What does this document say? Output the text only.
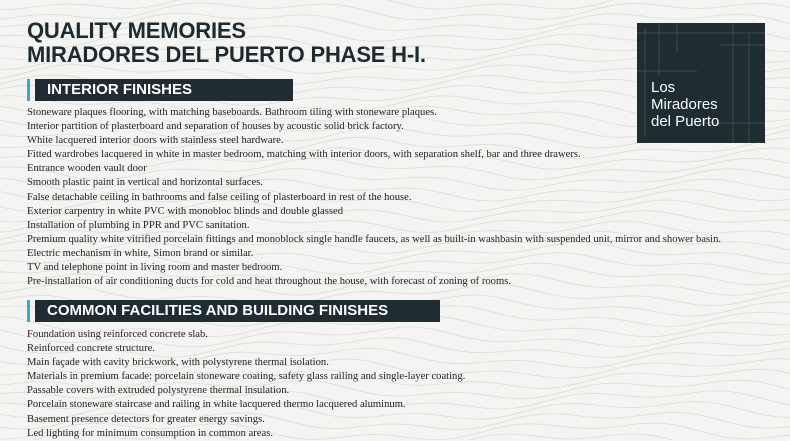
QUALITY MEMORIES
MIRADORES DEL PUERTO PHASE H-I.
Los
Miradores
del Puerto
INTERIOR FINISHES
Stoneware plaques flooring, with matching baseboards. Bathroom tiling with stoneware plaques.
Interior partition of plasterboard and separation of houses by acoustic solid brick factory.
White lacquered interior doors with stainless steel hardware.
Fitted wardrobes lacquered in white in master bedroom, matching with interior doors, with separation shelf, bar and three drawers.
Entrance wooden vault door
Smooth plastic paint in vertical and horizontal surfaces.
False detachable ceiling in bathrooms and false ceiling of plasterboard in rest of the house.
Exterior carpentry in white PVC with monobloc blinds and double glassed
Installation of plumbing in PPR and PVC sanitation.
Premium quality white vitrified porcelain fittings and monoblock single handle faucets, as well as built-in washbasin with suspended unit, mirror and shower basin.
Electric mechanism in white, Simon brand or similar.
TV and telephone point in living room and master bedroom.
Pre-installation of air conditioning ducts for cold and heat throughout the house, with forecast of zoning of rooms.
COMMON FACILITIES AND BUILDING FINISHES
Foundation using reinforced concrete slab.
Reinforced concrete structure.
Main façade with cavity brickwork, with polystyrene thermal isolation.
Materials in premium facade: porcelain stoneware coating, safety glass railing and single-layer coating.
Passable covers with extruded polystyrene thermal insulation.
Porcelain stoneware staircase and railing in white lacquered thermo lacquered aluminum.
Basement presence detectors for greater energy savings.
Led lighting for minimum consumption in common areas.
